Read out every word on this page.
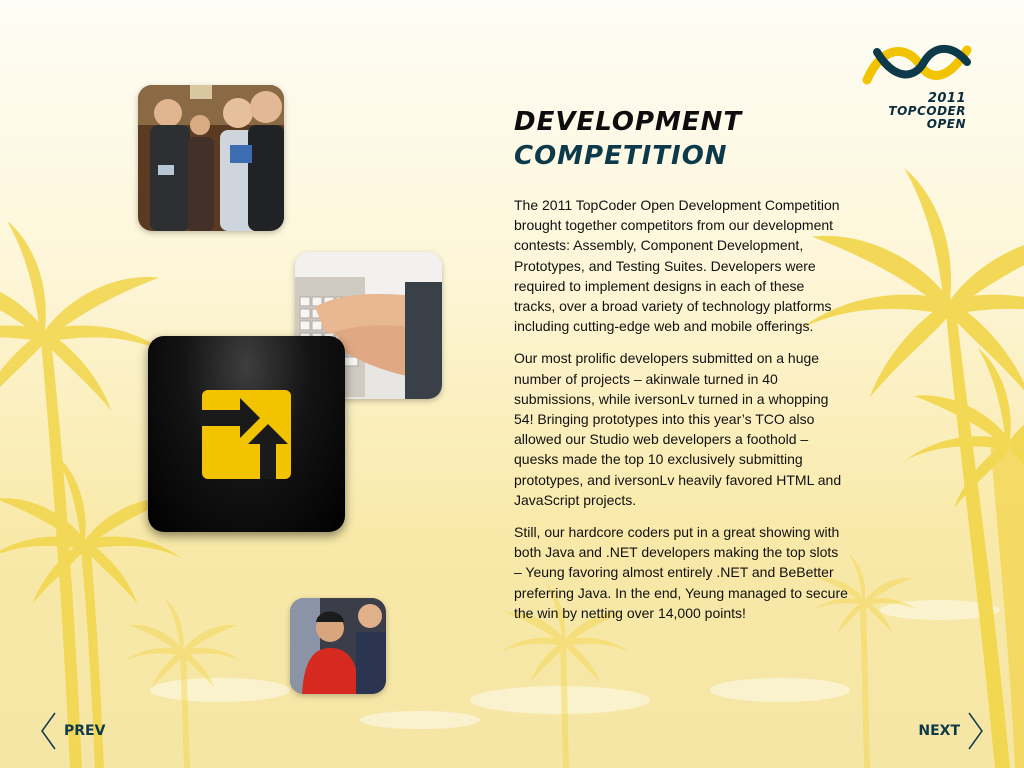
2011
TOPCODER
OPEN
DEVELOPMENT
COMPETITION

The 2011 TopCoder Open Development Competition brought together competitors from our development contests: Assembly, Component Development, Prototypes, and Testing Suites. Developers were required to implement designs in each of these tracks, over a broad variety of technology platforms including cutting-edge web and mobile offerings.

Our most prolific developers submitted on a huge number of projects – akinwale turned in 40 submissions, while iversonLv turned in a whopping 54! Bringing prototypes into this year’s TCO also allowed our Studio web developers a foothold – quesks made the top 10 exclusively submitting prototypes, and iversonLv heavily favored HTML and JavaScript projects.

Still, our hardcore coders put in a great showing with both Java and .NET developers making the top slots – Yeung favoring almost entirely .NET and BeBetter preferring Java. In the end, Yeung managed to secure the win by netting over 14,000 points!

PREV	NEXT
